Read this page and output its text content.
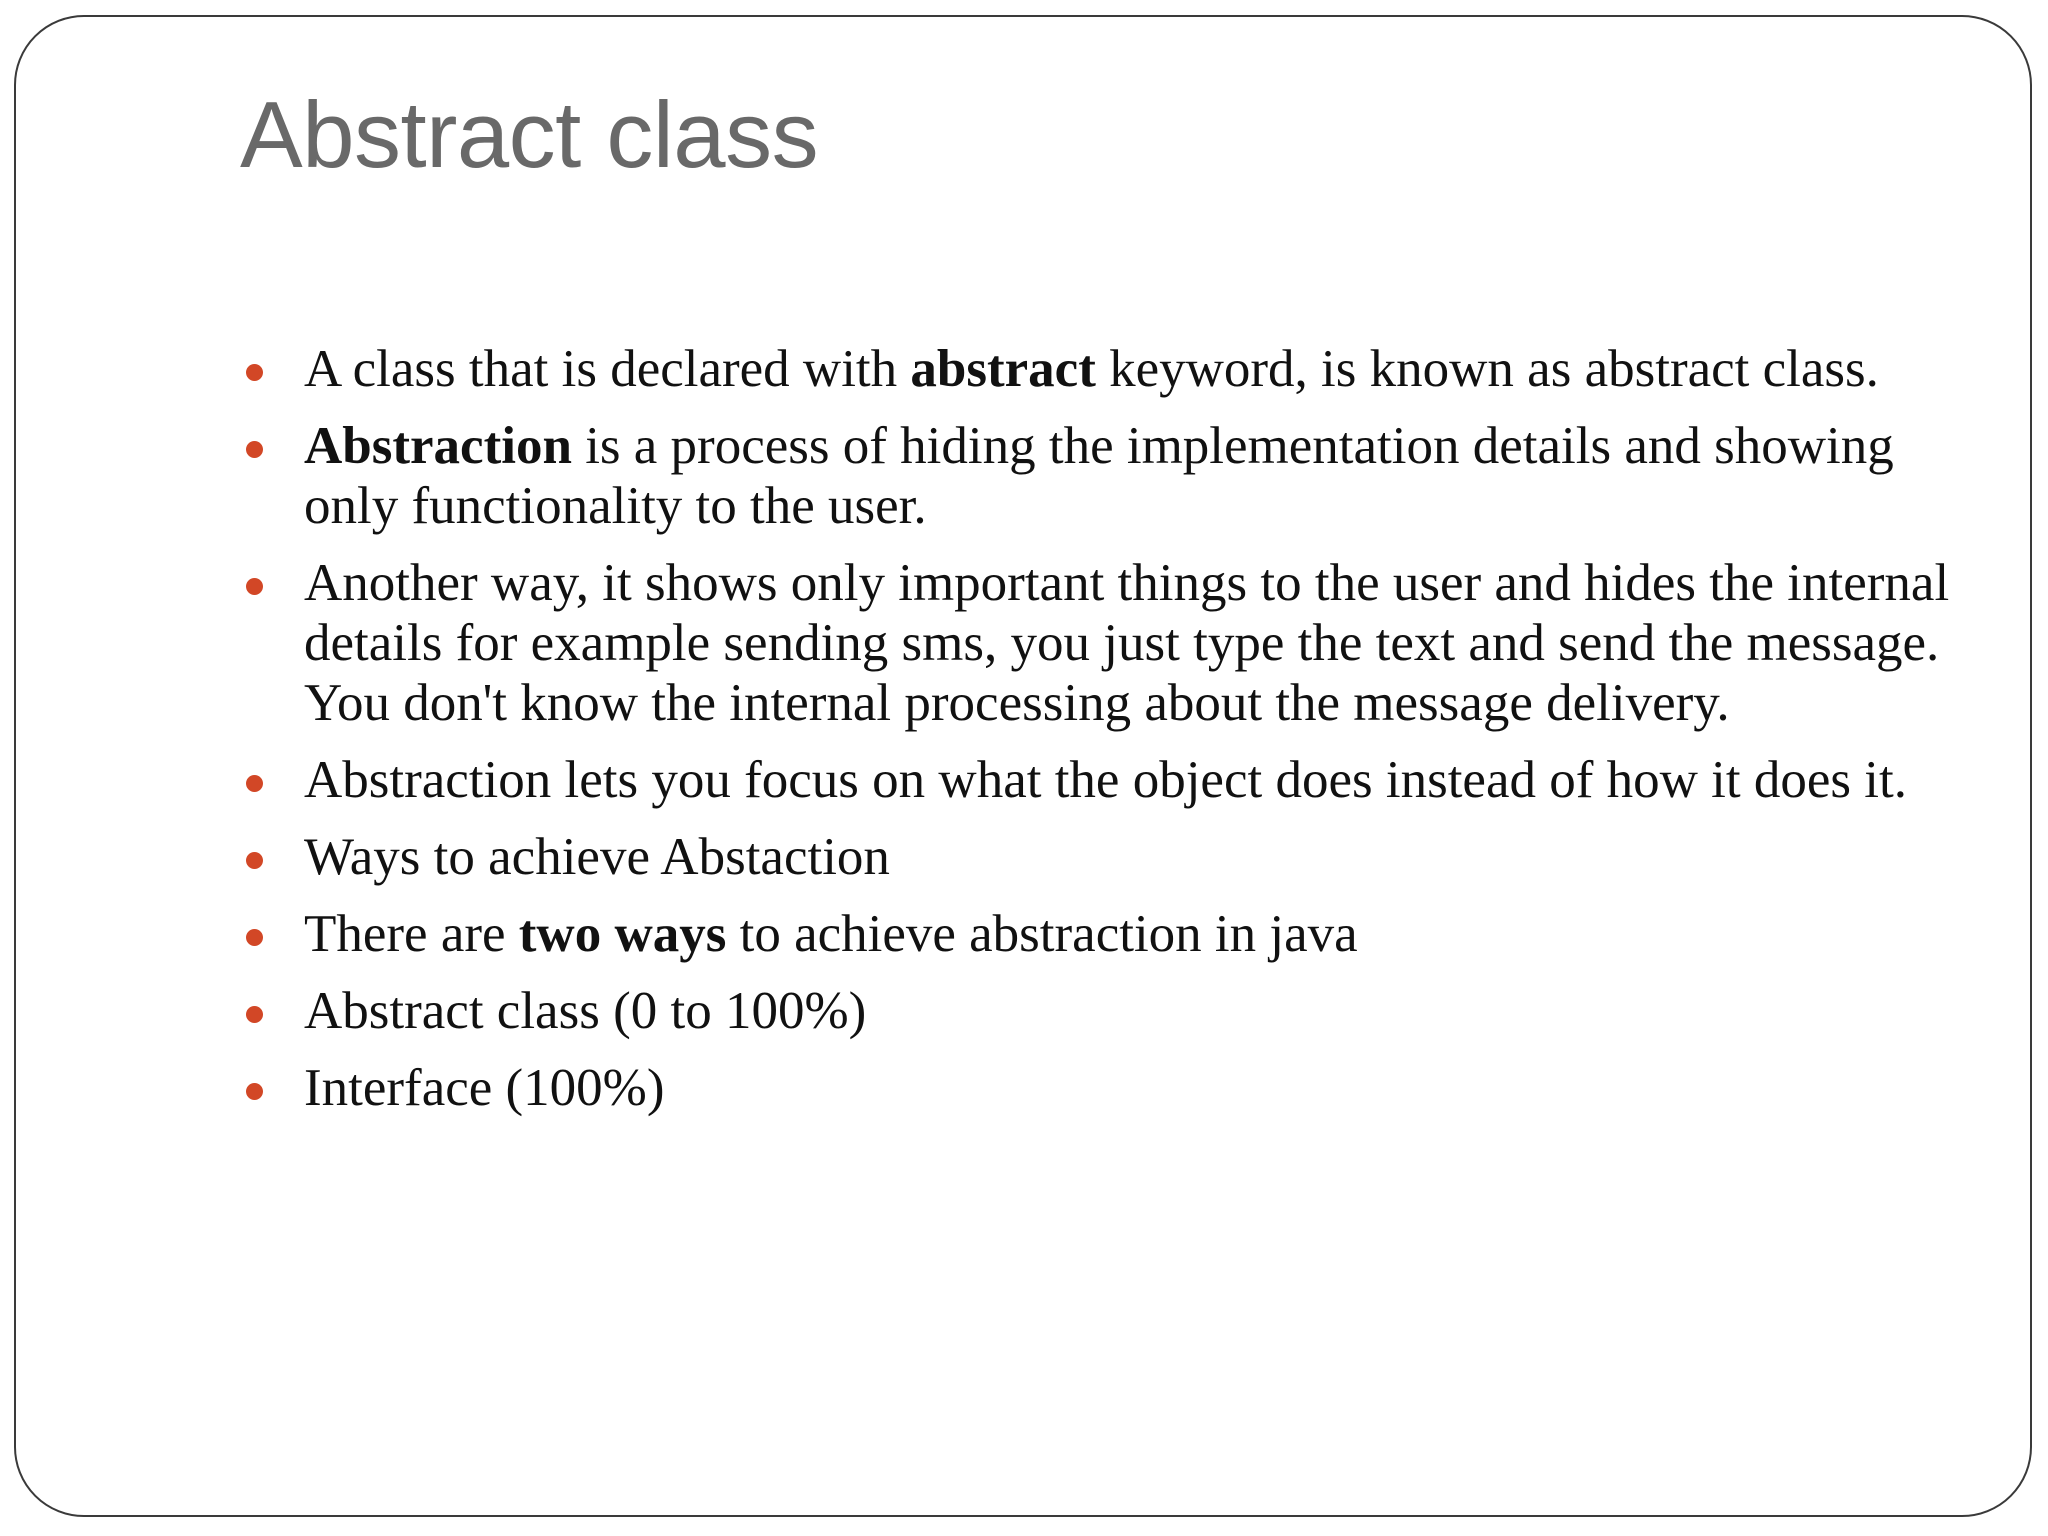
Abstract class
A class that is declared with abstract keyword, is known as abstract class.
Abstraction is a process of hiding the implementation details and showing only functionality to the user.
Another way, it shows only important things to the user and hides the internal details for example sending sms, you just type the text and send the message. You don't know the internal processing about the message delivery.
Abstraction lets you focus on what the object does instead of how it does it.
Ways to achieve Abstaction
There are two ways to achieve abstraction in java
Abstract class (0 to 100%)
Interface (100%)
